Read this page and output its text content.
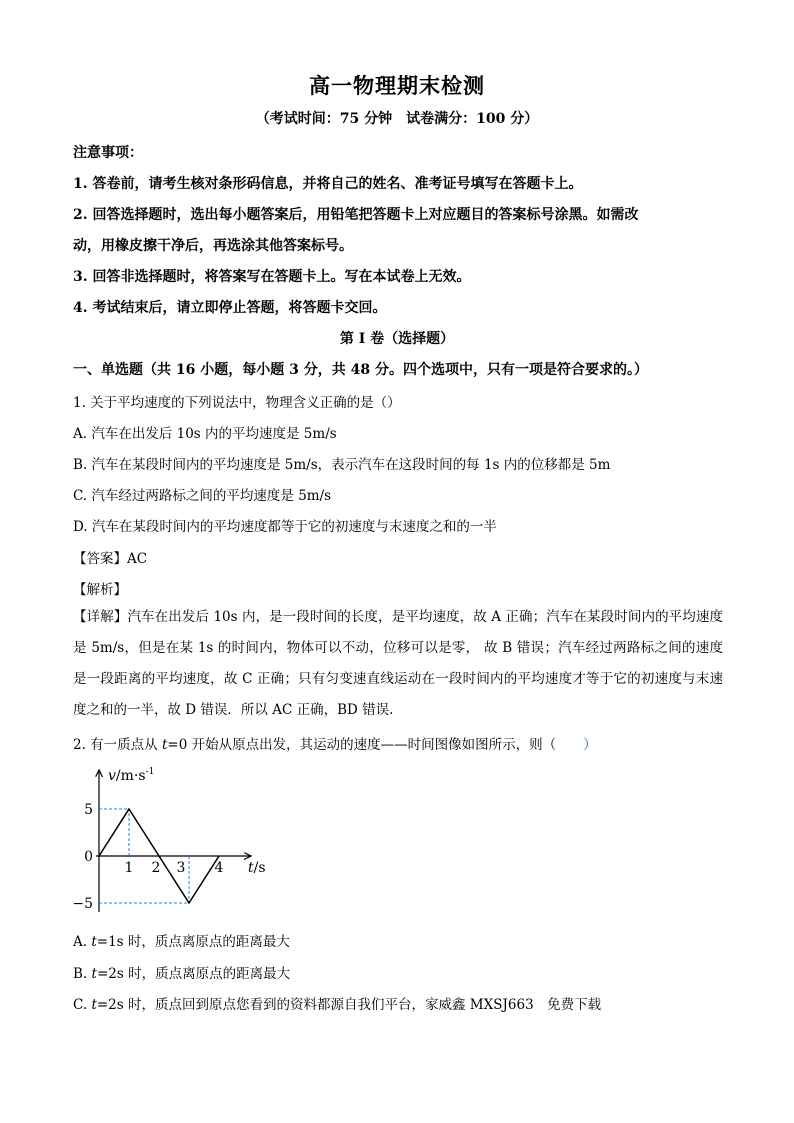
高一物理期末检测
（考试时间：75 分钟　试卷满分：100 分）
注意事项：
1. 答卷前，请考生核对条形码信息，并将自己的姓名、准考证号填写在答题卡上。
2. 回答选择题时，选出每小题答案后，用铅笔把答题卡上对应题目的答案标号涂黑。如需改
动，用橡皮擦干净后，再选涂其他答案标号。
3. 回答非选择题时，将答案写在答题卡上。写在本试卷上无效。
4. 考试结束后，请立即停止答题，将答题卡交回。
第 I 卷（选择题）
一、单选题（共 16 小题，每小题 3 分，共 48 分。四个选项中，只有一项是符合要求的。）
1. 关于平均速度的下列说法中，物理含义正确的是（）
A. 汽车在出发后 10s 内的平均速度是 5m/s
B. 汽车在某段时间内的平均速度是 5m/s，表示汽车在这段时间的每 1s 内的位移都是 5m
C. 汽车经过两路标之间的平均速度是 5m/s
D. 汽车在某段时间内的平均速度都等于它的初速度与末速度之和的一半
【答案】AC
【解析】
【详解】汽车在出发后 10s 内，是一段时间的长度，是平均速度，故 A 正确；汽车在某段时间内的平均速度是 5m/s，但是在某 1s 的时间内，物体可以不动，位移可以是零， 故 B 错误；汽车经过两路标之间的速度是一段距离的平均速度，故 C 正确；只有匀变速直线运动在一段时间内的平均速度才等于它的初速度与末速度之和的一半，故 D 错误．所以 AC 正确，BD 错误.
2. 有一质点从 t=0 开始从原点出发，其运动的速度——时间图像如图所示，则（　　）
5
0
−5
1 2 3 4
$v/m\cdot s^{-1}$
t/s
A. t=1s 时，质点离原点的距离最大
B. t=2s 时，质点离原点的距离最大
C. t=2s 时，质点回到原点您看到的资料都源自我们平台，家威鑫 MXSJ663　免费下载
